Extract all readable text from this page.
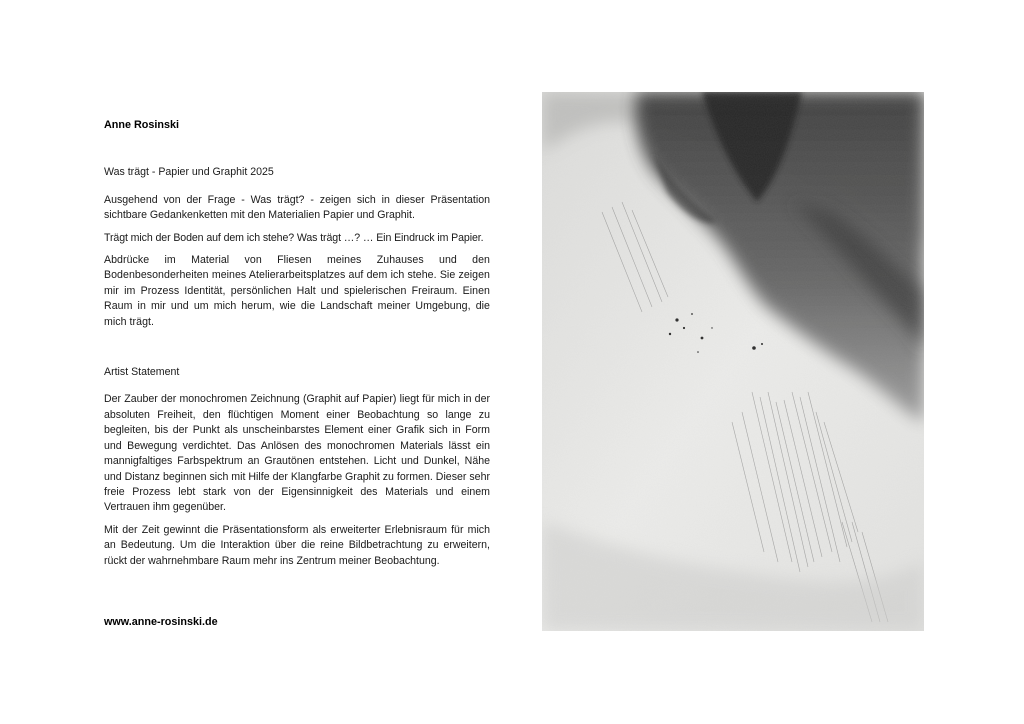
Anne Rosinski
Was trägt - Papier und Graphit 2025

Ausgehend von der Frage - Was trägt? - zeigen sich in dieser Präsentation sichtbare Gedankenketten mit den Materialien Papier und Graphit.

Trägt mich der Boden auf dem ich stehe? Was trägt …? … Ein Eindruck im Papier.

Abdrücke im Material von Fliesen meines Zuhauses und den Bodenbesonderheiten meines Atelierarbeitsplatzes auf dem ich stehe. Sie zeigen mir im Prozess Identität, persönlichen Halt und spielerischen Freiraum. Einen Raum in mir und um mich herum, wie die Landschaft meiner Umgebung, die mich trägt.

Artist Statement

Der Zauber der monochromen Zeichnung (Graphit auf Papier) liegt für mich in der absoluten Freiheit, den flüchtigen Moment einer Beobachtung so lange zu begleiten, bis der Punkt als unscheinbarstes Element einer Grafik sich in Form und Bewegung verdichtet. Das Anlösen des monochromen Materials lässt ein mannigfaltiges Farbspektrum an Grautönen entstehen. Licht und Dunkel, Nähe und Distanz beginnen sich mit Hilfe der Klangfarbe Graphit zu formen. Dieser sehr freie Prozess lebt stark von der Eigensinnigkeit des Materials und einem Vertrauen ihm gegenüber.

Mit der Zeit gewinnt die Präsentationsform als erweiterter Erlebnisraum für mich an Bedeutung. Um die Interaktion über die reine Bildbetrachtung zu erweitern, rückt der wahrnehmbare Raum mehr ins Zentrum meiner Beobachtung.

www.anne-rosinski.de
